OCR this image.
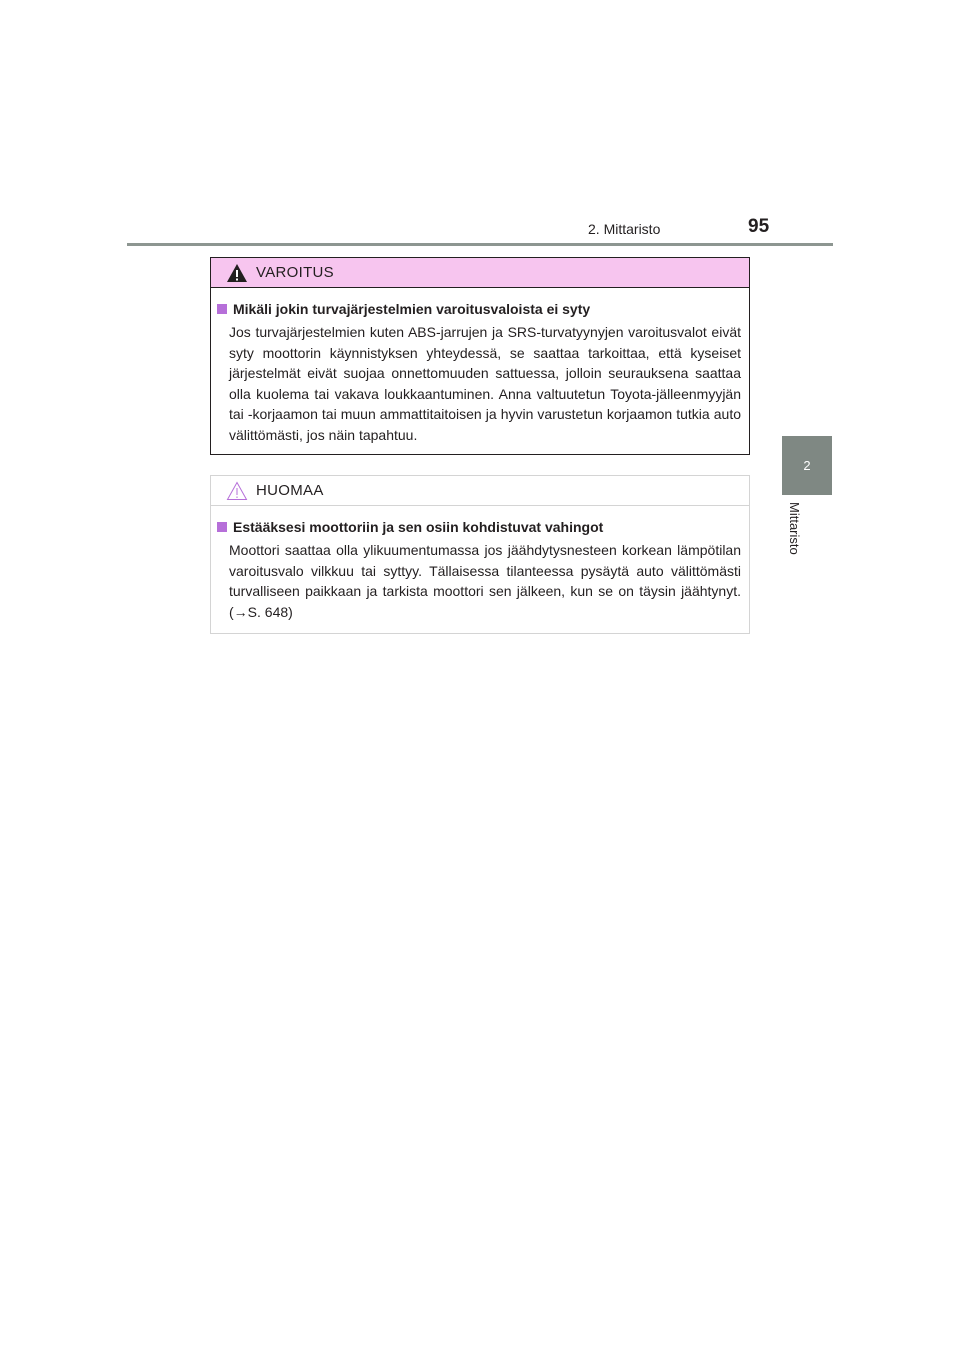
2. Mittaristo	95
2
Mittaristo
VAROITUS
Mikäli jokin turvajärjestelmien varoitusvaloista ei syty
Jos turvajärjestelmien kuten ABS-jarrujen ja SRS-turvatyynyjen varoitusvalot eivät syty moottorin käynnistyksen yhteydessä, se saattaa tarkoittaa, että kyseiset järjestelmät eivät suojaa onnettomuuden sattuessa, jolloin seurauksena saattaa olla kuolema tai vakava loukkaantuminen. Anna valtuutetun Toyota-jälleenmyyjän tai -korjaamon tai muun ammattitaitoisen ja hyvin varustetun korjaamon tutkia auto välittömästi, jos näin tapahtuu.
HUOMAA
Estääksesi moottoriin ja sen osiin kohdistuvat vahingot
Moottori saattaa olla ylikuumentumassa jos jäähdytysnesteen korkean lämpötilan varoitusvalo vilkkuu tai syttyy. Tällaisessa tilanteessa pysäytä auto välittömästi turvalliseen paikkaan ja tarkista moottori sen jälkeen, kun se on täysin jäähtynyt. (→S. 648)
